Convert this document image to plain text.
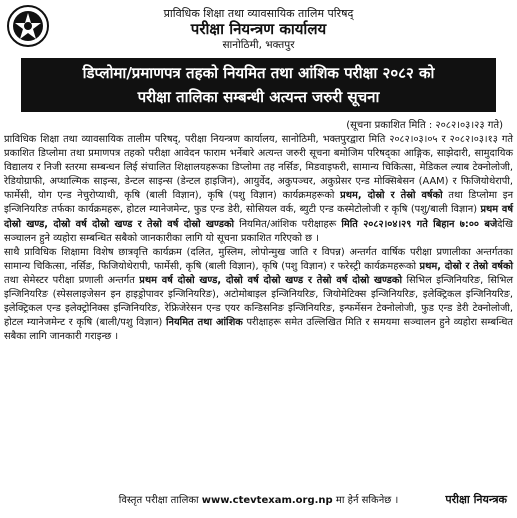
प्राविधिक शिक्षा तथा व्यावसायिक तालिम परिषद्
परीक्षा नियन्त्रण कार्यालय
सानोठिमी, भक्तपुर
डिप्लोमा/प्रमाणपत्र तहको नियमित तथा आंशिक परीक्षा २०८२ को
परीक्षा तालिका सम्बन्धी अत्यन्त जरुरी सूचना
(सूचना प्रकाशित मिति : २०८२।०३।२३ गते)

प्राविधिक शिक्षा तथा व्यावसायिक तालीम परिषद्, परीक्षा नियन्त्रण कार्यालय, सानोठिमी, भक्तपुरद्वारा मिति २०८२।०३।०५ र २०८२।०३।१३ गते प्रकाशित डिप्लोमा तथा प्रमाणपत्र तहको परीक्षा आवेदन फाराम भर्नेबारे अत्यन्त जरुरी सूचना बमोजिम परिषद्का आङ्गिक, साझेदारी, सामुदायिक विद्यालय र निजी स्तरमा सम्बन्धन लिई संचालित शिक्षालयहरूका डिप्लोमा तह नर्सिङ, मिडवाइफरी, सामान्य चिकित्सा, मेडिकल ल्याब टेक्नोलोजी, रेडियोग्राफी, अप्थाल्मिक साइन्स, डेन्टल साइन्स (डेन्टल हाइजिन), आयुर्वेद, अकुपञ्चर, अकुप्रेसर एन्ड मोक्सिबेसन (AAM) र फिजियोथेरापी, फार्मेसी, योग एन्ड नेचुरोप्याथी, कृषि (बाली विज्ञान), कृषि (पशु विज्ञान) कार्यक्रमहरूको प्रथम, दोस्रो र तेस्रो वर्षको तथा डिप्लोमा इन इन्जिनियरिङ तर्फका कार्यक्रमहरू, होटल म्यानेजमेन्ट, फुड एन्ड डेरी, सोसियल वर्क, ब्युटी एन्ड कस्मेटोलोजी र कृषि (पशु/बाली विज्ञान) प्रथम वर्ष दोस्रो खण्ड, दोस्रो वर्ष दोस्रो खण्ड र तेस्रो वर्ष दोस्रो खण्डको नियमित/आंशिक परीक्षाहरू मिति २०८२।०४।२९ गते बिहान ७:०० बजेदेखि सञ्चालन हुने व्यहोरा सम्बन्धित सबैको जानकारीका लागि यो सूचना प्रकाशित गरिएको छ ।

साथै प्राविधिक शिक्षामा विशेष छात्रवृत्ति कार्यक्रम (दलित, मुस्लिम, लोपोन्मुख जाति र विपन्न) अन्तर्गत वार्षिक परीक्षा प्रणालीका अन्तर्गतका सामान्य चिकित्सा, नर्सिङ, फिजियोथेरापी, फार्मेसी, कृषि (बाली विज्ञान), कृषि (पशु विज्ञान) र फरेस्ट्री कार्यक्रमहरूको प्रथम, दोस्रो र तेस्रो वर्षको तथा सेमेस्टर परीक्षा प्रणाली अन्तर्गत प्रथम वर्ष दोस्रो खण्ड, दोस्रो वर्ष दोस्रो खण्ड र तेस्रो वर्ष दोस्रो खण्डको सिभिल इन्जिनियरिङ, सिभिल इन्जिनियरिङ (स्पेसलाइजेसन इन हाइड्रोपावर इन्जिनियरिङ), अटोमोबाइल इन्जिनियरिङ, जियोमेटिक्स इन्जिनियरिङ, इलेक्ट्रिकल इन्जिनियरिङ, इलेक्ट्रिकल एन्ड इलेक्ट्रोनिक्स इन्जिनियरिङ, रेफ्रिजेरेसन एन्ड एयर कन्डिसनिङ इन्जिनियरिङ, इन्फर्मेसन टेक्नोलोजी, फुड एन्ड डेरी टेक्नोलोजी, होटल म्यानेजमेन्ट र कृषि (बाली/पशु विज्ञान) नियमित तथा आंशिक परीक्षाहरू समेत उल्लिखित मिति र समयमा सञ्चालन हुने व्यहोरा सम्बन्धित सबैका लागि जानकारी गराइन्छ ।

विस्तृत परीक्षा तालिका www.ctevtexam.org.np मा हेर्न सकिनेछ ।	परीक्षा नियन्त्रक
